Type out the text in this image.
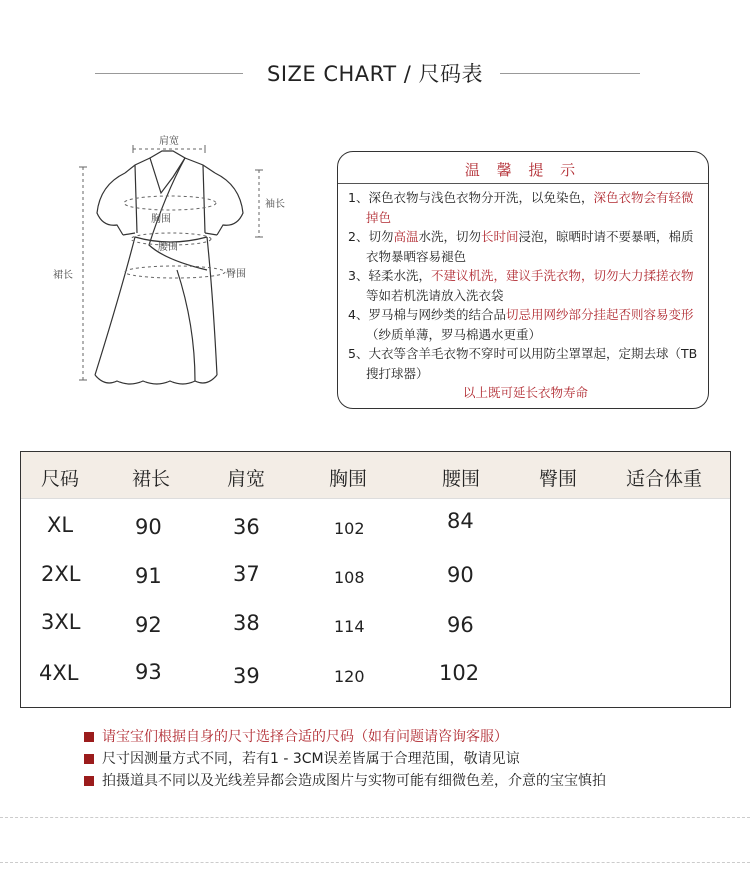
SIZE CHART / 尺码表
肩宽
袖长
胸围
腰围
裙长	臀围
温 馨 提 示

1、深色衣物与浅色衣物分开洗，以免染色，深色衣物会有轻微掉色

2、切勿高温水洗，切勿长时间浸泡，晾晒时请不要暴晒，棉质衣物暴晒容易褪色

3、轻柔水洗，不建议机洗，建议手洗衣物，切勿大力揉搓衣物等如若机洗请放入洗衣袋

4、罗马棉与网纱类的结合品切忌用网纱部分挂起否则容易变形（纱质单薄，罗马棉遇水更重）

5、大衣等含羊毛衣物不穿时可以用防尘罩罩起，定期去球（TB搜打球器）

以上既可延长衣物寿命

尺码	裙长	肩宽	胸围	腰围	臀围	适合体重
XL	90	36	102	84
2XL	91	37	108	90
3XL	92	38	114	96
4XL	93	39	120	102
请宝宝们根据自身的尺寸选择合适的尺码（如有问题请咨询客服）
尺寸因测量方式不同，若有1 - 3CM误差皆属于合理范围，敬请见谅
拍摄道具不同以及光线差异都会造成图片与实物可能有细微色差，介意的宝宝慎拍
